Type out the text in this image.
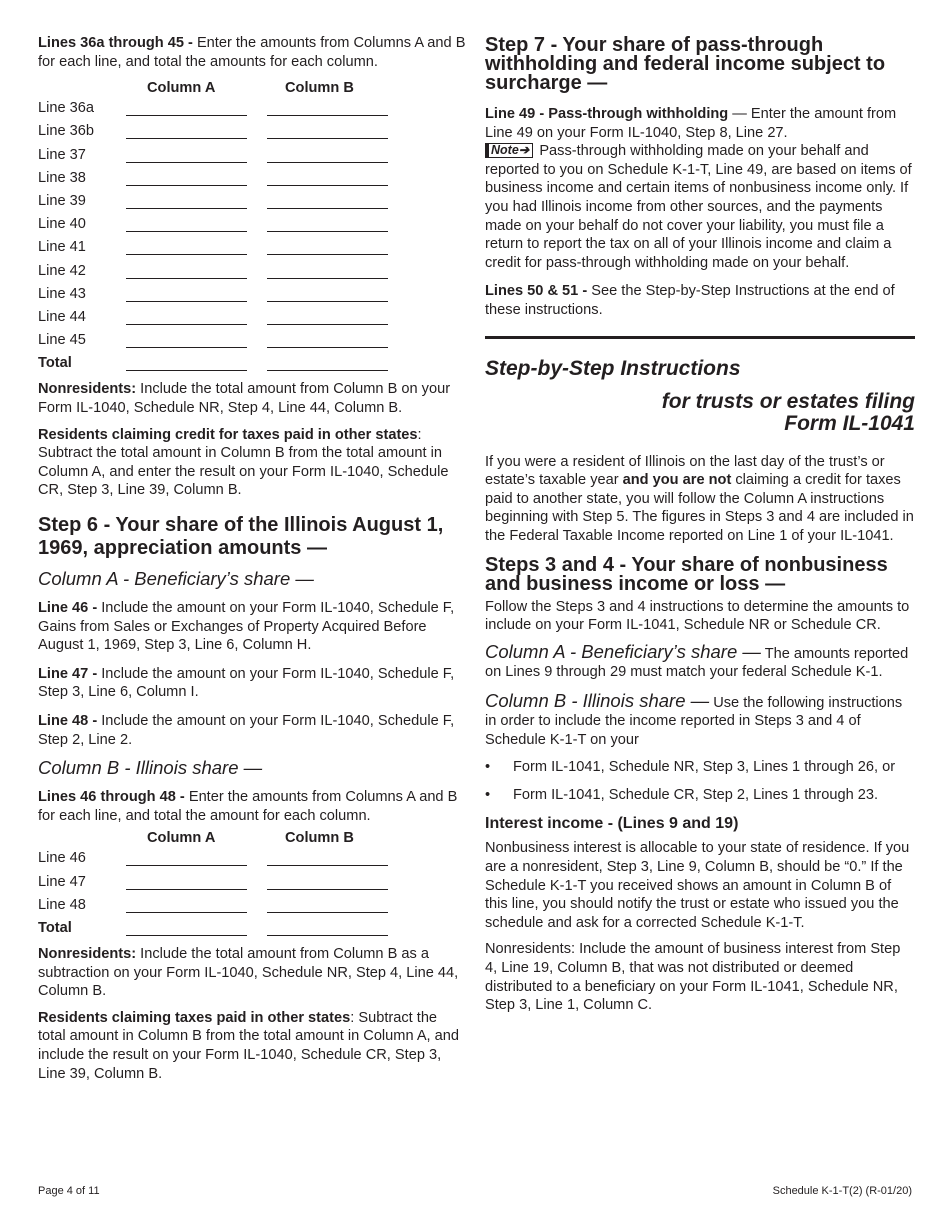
Lines 36a through 45 - Enter the amounts from Columns A and B for each line, and total the amounts for each column.

Column A	Column B
Line 36a
Line 36b
Line 37
Line 38
Line 39
Line 40
Line 41
Line 42
Line 43
Line 44
Line 45
Total

Nonresidents: Include the total amount from Column B on your Form IL-1040, Schedule NR, Step 4, Line 44, Column B.

Residents claiming credit for taxes paid in other states: Subtract the total amount in Column B from the total amount in Column A, and enter the result on your Form IL-1040, Schedule CR, Step 3, Line 39, Column B.

Step 6 - Your share of the Illinois August 1, 1969, appreciation amounts —
Column A - Beneficiary’s share —

Line 46 - Include the amount on your Form IL-1040, Schedule F, Gains from Sales or Exchanges of Property Acquired Before August 1, 1969, Step 3, Line 6, Column H.

Line 47 - Include the amount on your Form IL-1040, Schedule F, Step 3, Line 6, Column I.

Line 48 - Include the amount on your Form IL-1040, Schedule F, Step 2, Line 2.

Column B - Illinois share —

Lines 46 through 48 - Enter the amounts from Columns A and B for each line, and total the amount for each column.

Column A	Column B
Line 46
Line 47
Line 48
Total

Nonresidents: Include the total amount from Column B as a subtraction on your Form IL-1040, Schedule NR, Step 4, Line 44, Column B.

Residents claiming taxes paid in other states: Subtract the total amount in Column B from the total amount in Column A, and include the result on your Form IL-1040, Schedule CR, Step 3, Line 39, Column B.

Step 7 - Your share of pass-through withholding and federal income subject to surcharge —

Line 49 - Pass-through withholding — Enter the amount from Line 49 on your Form IL-1040, Step 8, Line 27.

Note➔ Pass-through withholding made on your behalf and reported to you on Schedule K-1-T, Line 49, are based on items of business income and certain items of nonbusiness income only. If you had Illinois income from other sources, and the payments made on your behalf do not cover your liability, you must file a return to report the tax on all of your Illinois income and claim a credit for pass-through withholding made on your behalf.

Lines 50 & 51 - See the Step-by-Step Instructions at the end of these instructions.

Step-by-Step Instructions
for trusts or estates filing
Form IL-1041

If you were a resident of Illinois on the last day of the trust’s or estate’s taxable year and you are not claiming a credit for taxes paid to another state, you will follow the Column A instructions beginning with Step 5. The figures in Steps 3 and 4 are included in the Federal Taxable Income reported on Line 1 of your IL-1041.

Steps 3 and 4 - Your share of nonbusiness and business income or loss —

Follow the Steps 3 and 4 instructions to determine the amounts to include on your Form IL-1041, Schedule NR or Schedule CR.

Column A - Beneficiary’s share — The amounts reported on Lines 9 through 29 must match your federal Schedule K-1.

Column B - Illinois share — Use the following instructions in order to include the income reported in Steps 3 and 4 of Schedule K-1-T on your

• Form IL-1041, Schedule NR, Step 3, Lines 1 through 26, or
• Form IL-1041, Schedule CR, Step 2, Lines 1 through 23.
Interest income - (Lines 9 and 19)

Nonbusiness interest is allocable to your state of residence. If you are a nonresident, Step 3, Line 9, Column B, should be “0.” If the Schedule K-1-T you received shows an amount in Column B of this line, you should notify the trust or estate who issued you the schedule and ask for a corrected Schedule K-1-T.

Nonresidents: Include the amount of business interest from Step 4, Line 19, Column B, that was not distributed or deemed distributed to a beneficiary on your Form IL-1041, Schedule NR, Step 3, Line 1, Column C.

Page 4 of 11	Schedule K-1-T(2) (R-01/20)
